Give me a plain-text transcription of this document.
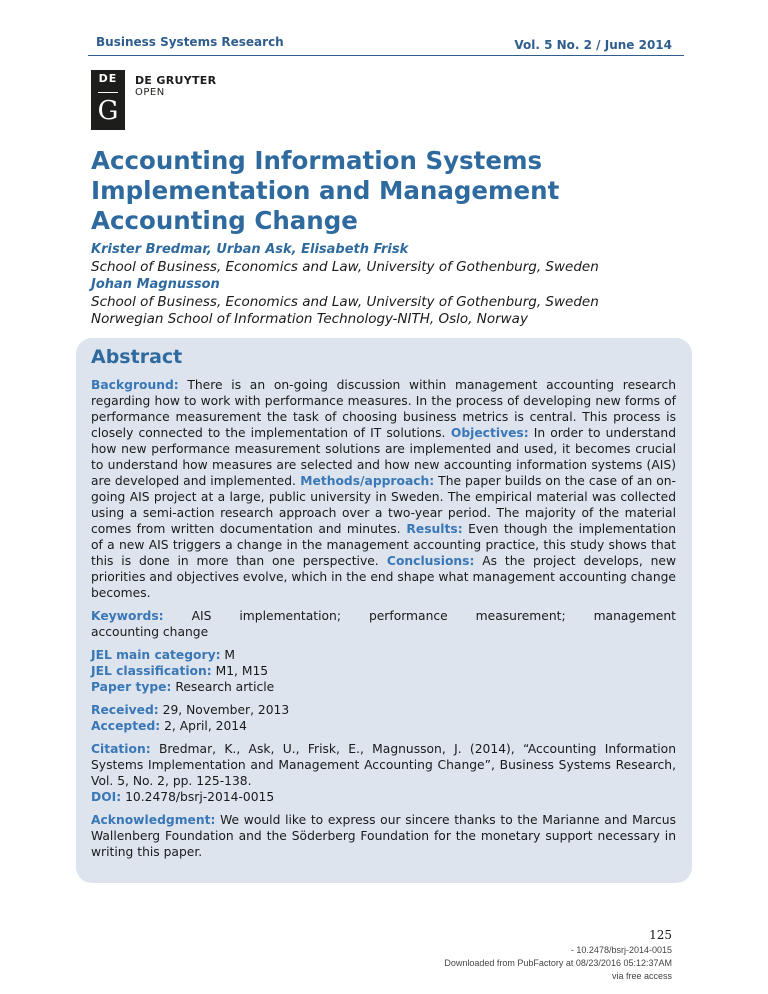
Business Systems Research	Vol. 5 No. 2 / June 2014
DE
G
DE GRUYTER
OPEN
Accounting Information Systems Implementation and Management Accounting Change
Krister Bredmar, Urban Ask, Elisabeth Frisk
School of Business, Economics and Law, University of Gothenburg, Sweden
Johan Magnusson
School of Business, Economics and Law, University of Gothenburg, Sweden
Norwegian School of Information Technology-NITH, Oslo, Norway
Abstract

Background: There is an on-going discussion within management accounting research regarding how to work with performance measures. In the process of developing new forms of performance measurement the task of choosing business metrics is central. This process is closely connected to the implementation of IT solutions. Objectives: In order to understand how new performance measurement solutions are implemented and used, it becomes crucial to understand how measures are selected and how new accounting information systems (AIS) are developed and implemented. Methods/approach: The paper builds on the case of an on-going AIS project at a large, public university in Sweden. The empirical material was collected using a semi-action research approach over a two-year period. The majority of the material comes from written documentation and minutes. Results: Even though the implementation of a new AIS triggers a change in the management accounting practice, this study shows that this is done in more than one perspective. Conclusions: As the project develops, new priorities and objectives evolve, which in the end shape what management accounting change becomes.

Keywords: AIS implementation; performance measurement; management
accounting change

JEL main category: M
JEL classification: M1, M15
Paper type: Research article

Received: 29, November, 2013
Accepted: 2, April, 2014

Citation: Bredmar, K., Ask, U., Frisk, E., Magnusson, J. (2014), “Accounting Information Systems Implementation and Management Accounting Change”, Business Systems Research, Vol. 5, No. 2, pp. 125-138.
DOI: 10.2478/bsrj-2014-0015

Acknowledgment: We would like to express our sincere thanks to the Marianne and Marcus Wallenberg Foundation and the Söderberg Foundation for the monetary support necessary in writing this paper.

125
- 10.2478/bsrj-2014-0015
Downloaded from PubFactory at 08/23/2016 05:12:37AM
via free access
